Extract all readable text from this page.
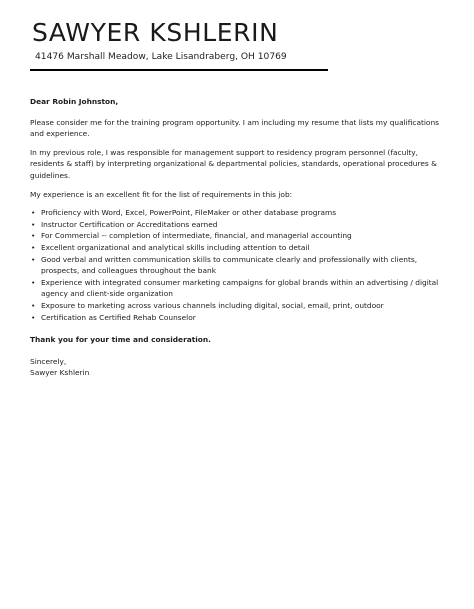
SAWYER KSHLERIN
41476 Marshall Meadow, Lake Lisandraberg, OH 10769

Dear Robin Johnston,

Please consider me for the training program opportunity. I am including my resume that lists my qualifications and experience.

In my previous role, I was responsible for management support to residency program personnel (faculty, residents & staff) by interpreting organizational & departmental policies, standards, operational procedures & guidelines.

My experience is an excellent fit for the list of requirements in this job:

• Proficiency with Word, Excel, PowerPoint, FileMaker or other database programs
• Instructor Certification or Accreditations earned
• For Commercial -- completion of intermediate, financial, and managerial accounting
• Excellent organizational and analytical skills including attention to detail
• Good verbal and written communication skills to communicate clearly and professionally with clients, prospects, and colleagues throughout the bank
• Experience with integrated consumer marketing campaigns for global brands within an advertising / digital agency and client-side organization
• Exposure to marketing across various channels including digital, social, email, print, outdoor
• Certification as Certified Rehab Counselor

Thank you for your time and consideration.

Sincerely,

Sawyer Kshlerin
